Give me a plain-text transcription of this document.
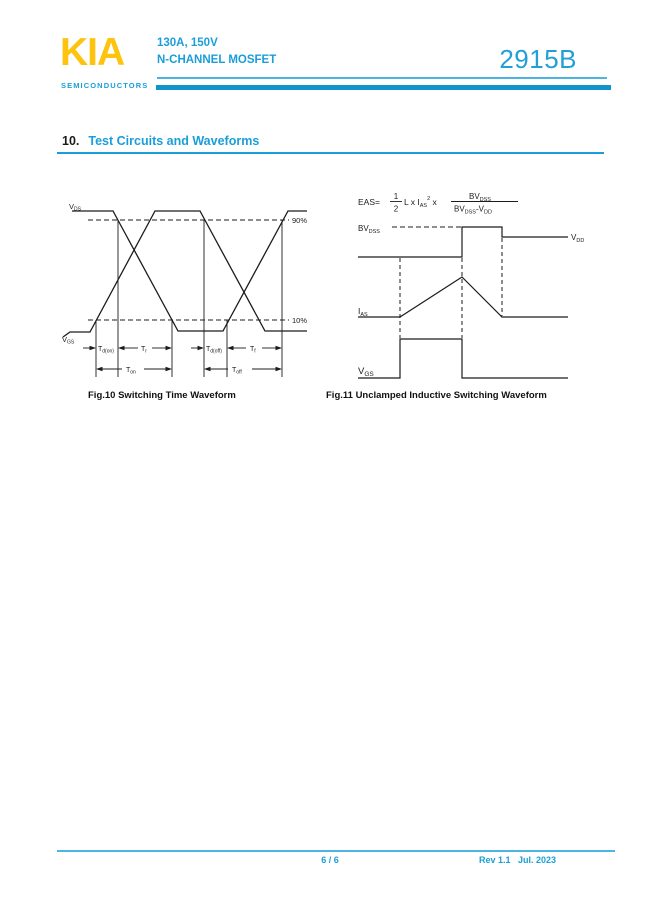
KIA
SEMICONDUCTORS
130A, 150V
N-CHANNEL MOSFET	2915B
10. Test Circuits and Waveforms
$V_{DS}$
$V_{GS}$
90%
10%
$T_{d(on)}$	$T_r$	$T_{d(off)}$	$T_f$
$T_{on}$	$T_{off}$
EAS=
1
2
L x $I_{AS}^2$ x
$BV_{DSS}$
$BV_{DSS}-V_{DD}$
$BV_{DSS}$
$V_{DD}$
$I_{AS}$
$V_{GS}$
Fig.10 Switching Time Waveform	Fig.11 Unclamped Inductive Switching Waveform
6 / 6	Rev 1.1   Jul. 2023
